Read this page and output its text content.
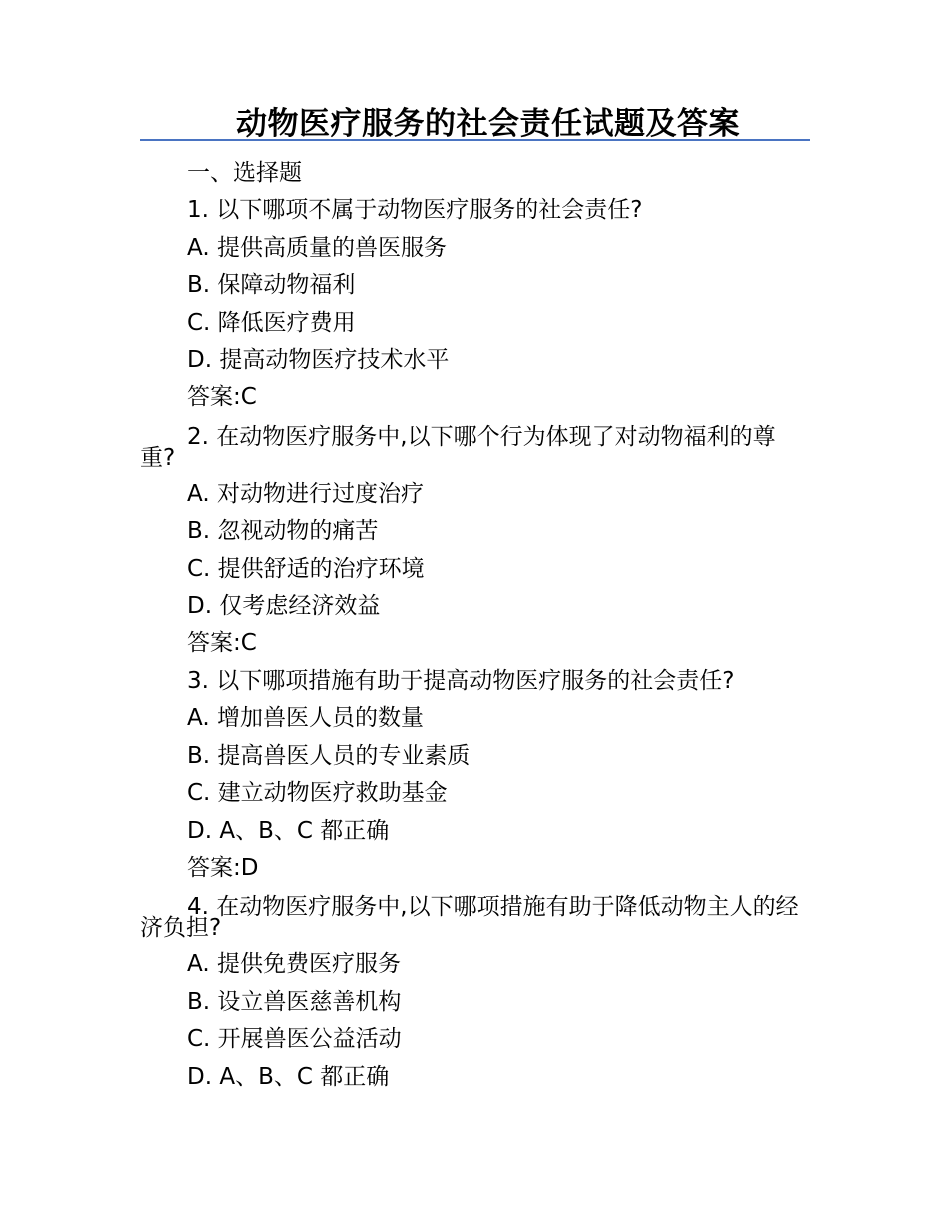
动物医疗服务的社会责任试题及答案
一、选择题
1. 以下哪项不属于动物医疗服务的社会责任?
A. 提供高质量的兽医服务
B. 保障动物福利
C. 降低医疗费用
D. 提高动物医疗技术水平
答案:C
2. 在动物医疗服务中,以下哪个行为体现了对动物福利的尊重?
A. 对动物进行过度治疗
B. 忽视动物的痛苦
C. 提供舒适的治疗环境
D. 仅考虑经济效益
答案:C
3. 以下哪项措施有助于提高动物医疗服务的社会责任?
A. 增加兽医人员的数量
B. 提高兽医人员的专业素质
C. 建立动物医疗救助基金
D. A、B、C 都正确
答案:D
4. 在动物医疗服务中,以下哪项措施有助于降低动物主人的经济负担?
A. 提供免费医疗服务
B. 设立兽医慈善机构
C. 开展兽医公益活动
D. A、B、C 都正确
